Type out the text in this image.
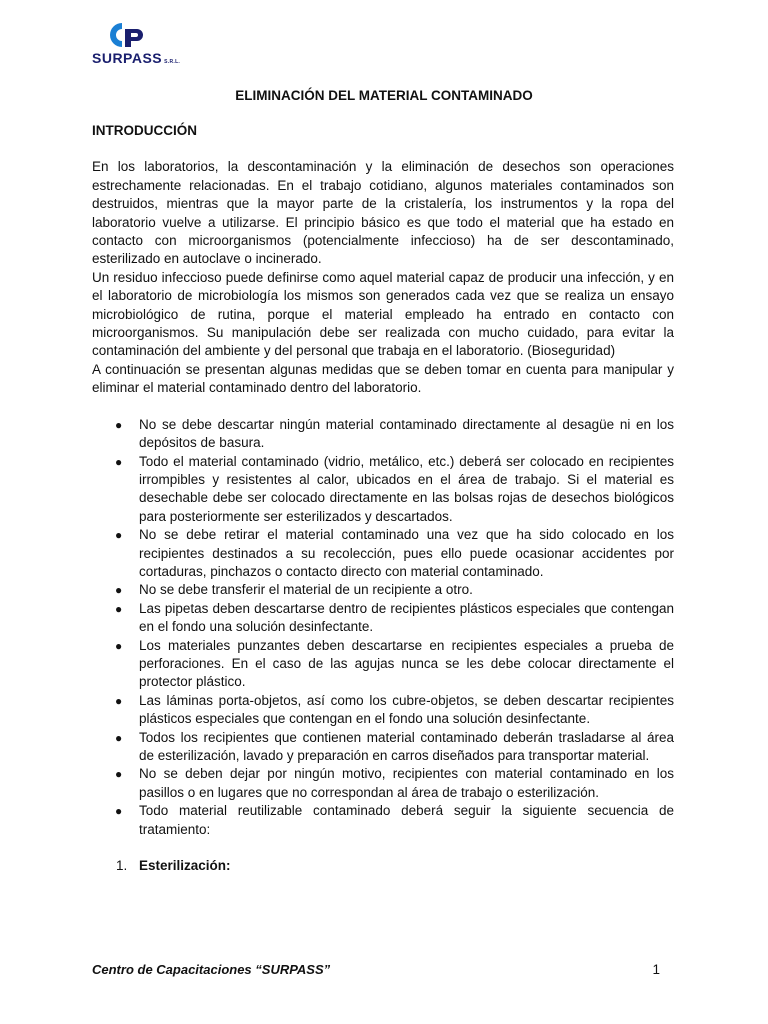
SURPASS S.R.L.
ELIMINACIÓN DEL MATERIAL CONTAMINADO
INTRODUCCIÓN

En los laboratorios, la descontaminación y la eliminación de desechos son operaciones estrechamente relacionadas. En el trabajo cotidiano, algunos materiales contaminados son destruidos, mientras que la mayor parte de la cristalería, los instrumentos y la ropa del laboratorio vuelve a utilizarse. El principio básico es que todo el material que ha estado en contacto con microorganismos (potencialmente infeccioso) ha de ser descontaminado, esterilizado en autoclave o incinerado.

Un residuo infeccioso puede definirse como aquel material capaz de producir una infección, y en el laboratorio de microbiología los mismos son generados cada vez que se realiza un ensayo microbiológico de rutina, porque el material empleado ha entrado en contacto con microorganismos. Su manipulación debe ser realizada con mucho cuidado, para evitar la contaminación del ambiente y del personal que trabaja en el laboratorio. (Bioseguridad)

A continuación se presentan algunas medidas que se deben tomar en cuenta para manipular y eliminar el material contaminado dentro del laboratorio.

● No se debe descartar ningún material contaminado directamente al desagüe ni en los depósitos de basura.
● Todo el material contaminado (vidrio, metálico, etc.) deberá ser colocado en recipientes irrompibles y resistentes al calor, ubicados en el área de trabajo. Si el material es desechable debe ser colocado directamente en las bolsas rojas de desechos biológicos para posteriormente ser esterilizados y descartados.
● No se debe retirar el material contaminado una vez que ha sido colocado en los recipientes destinados a su recolección, pues ello puede ocasionar accidentes por cortaduras, pinchazos o contacto directo con material contaminado.
● No se debe transferir el material de un recipiente a otro.
● Las pipetas deben descartarse dentro de recipientes plásticos especiales que contengan en el fondo una solución desinfectante.
● Los materiales punzantes deben descartarse en recipientes especiales a prueba de perforaciones. En el caso de las agujas nunca se les debe colocar directamente el protector plástico.
● Las láminas porta-objetos, así como los cubre-objetos, se deben descartar recipientes plásticos especiales que contengan en el fondo una solución desinfectante.
● Todos los recipientes que contienen material contaminado deberán trasladarse al área de esterilización, lavado y preparación en carros diseñados para transportar material.
● No se deben dejar por ningún motivo, recipientes con material contaminado en los pasillos o en lugares que no correspondan al área de trabajo o esterilización.
● Todo material reutilizable contaminado deberá seguir la siguiente secuencia de tratamiento:
1. Esterilización:
Centro de Capacitaciones “SURPASS”	1
